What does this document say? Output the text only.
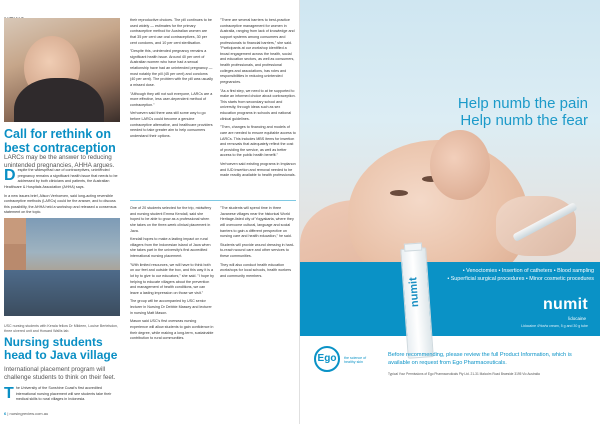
Call for rethink on best contraception
LARCs may be the answer to reducing unintended pregnancies, AHHA argues.

Despite the widespread use of contraceptives, unintended pregnancy remains a significant health issue that needs to be addressed by both clinicians and patients, the Australian Healthcare & Hospitals Association (AHHA) says.

In a new issues brief, Alison Verhoeven, said long-acting reversible contraceptive methods (LARCs) could be the answer, and to discuss this possibility, the AHHA held a workshop and released a consensus statement on the topic.

their reproductive choices. The pill continues to be used widely — estimates for the primary contraceptive method for Australian women are that 35 per cent use oral contraceptives, 30 per cent condoms, and 10 per cent sterilisation.

"Despite this, unintended pregnancy remains a significant health issue. Around 40 per cent of Australian women who have had a sexual relationship have had an unintended pregnancy — most notably the pill (45 per cent) and condoms (40 per cent). The problem with the pill was usually a missed dose.

"Although they will not suit everyone, LARCs are a more effective, less user-dependent method of contraception."

Verhoeven said there was still some way to go before LARCs could become a genuine contraceptive alternative, and healthcare providers needed to take greater aim to help consumers understand their options.

"There are several barriers to best-practice contraceptive management for women in Australia, ranging from lack of knowledge and support systems among consumers and professionals to financial barriers," she said. "Participants at our workshop identified a broad engagement across the health, social and education sectors, as well as consumers, health professionals, and professional colleges and associations, has roles and responsibilities in reducing unintended pregnancies.

"As a first step, we need to at be supported to make an informed choice about contraception. This starts from secondary school and university, through ideas such as sex education programs in schools and national clinical guidelines.

"Then, changes to financing and models of care are needed to ensure equitable access to LARCs. This includes MBS items for insertion and removals that adequately reflect the cost of providing the service, as well as better access to the public health benefit."

Verhoeven said existing programs in Implanon and IUD insertion and removal needed to be made readily available to health professionals.

USC nursing students with Kerala fellow Dr Mildeen, Louise Bertelsdon, three ulvered unit and Howard Wallis lab.
Nursing students head to Java village
International placement program will challenge students to think on their feet.

The University of the Sunshine Coast's first accredited international nursing placement will see students take their medical skills to rural villages in Indonesia.

One of 20 students selected for the trip, midwifery and nursing student Emma Kendall, said she hoped to be able to grow as a professional when she takes on the three-week clinical placement in Java.

Kendall hopes to make a lasting impact on rural villagers from the Indonesian island of Java when she takes part in the university's first accredited international nursing placement.

"With limited resources, we will have to think both on our feet and outside the box, and this way it is a lot by to give to our educators," she said. "I hope by helping to educate villagers about the prevention and management of health conditions, we can leave a lasting impression on those we visit."

The group will be accompanied by USC senior lecturer in Nursing Dr Debbie Massey and lecturer in nursing Matt Mason.

Mason said USC's first overseas nursing experience will allow students to gain confidence in their degree, while making a long-term, sustainable contribution to rural communities.

"The students will spend time in three Javanese villages near the historical World Heritage-listed city of Yogyakarta, where they will overcome cultural, language and social barriers to gain a different perspective on nursing care and health education," he said.

Students will provide wound dressing in hard-to-reach wound care and other services to these communities.

They will also conduct health education workshops for local schools, health workers and community members.

6 | nursingreview.com.au
Help numb the pain
Help numb the fear
• Venoctomies • Insertion of catheters • Blood sampling
• Superficial surgical procedures • Minor cosmetic procedures
numit	numit
lidocaine
Lidocaine 4%w/w cream, 5 g and 30 g tube
Ego	the science of healthy skin
Before recommending, please review the full Product Information, which is available on request from Ego Pharmaceuticals.
Typical Your Permissions of Ego Pharmaceuticals Pty Ltd. 21-31 Malcolm Road Braeside 3195 Vic Australia
